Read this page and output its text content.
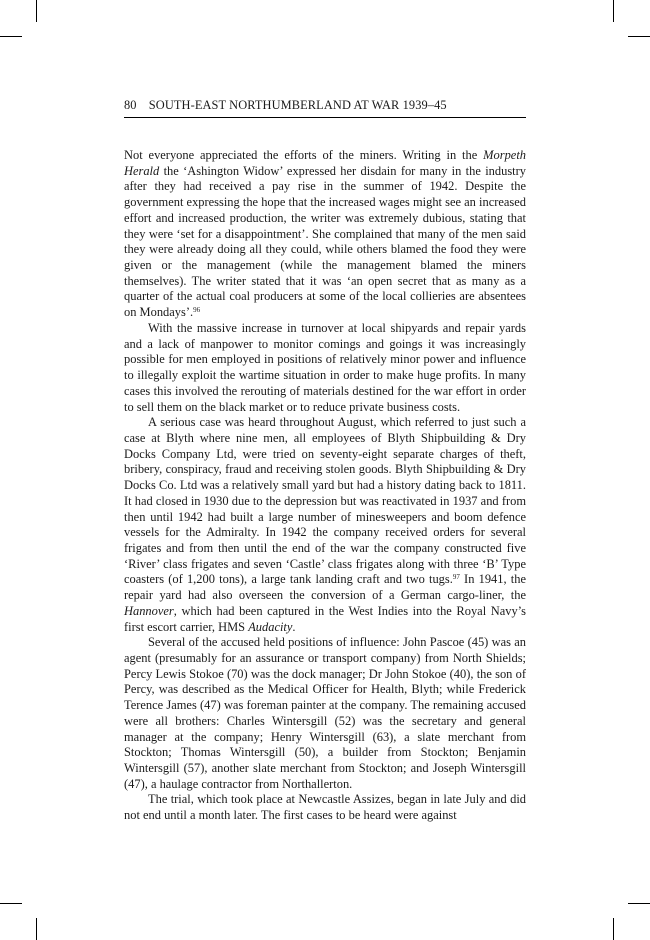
80 SOUTH-EAST NORTHUMBERLAND AT WAR 1939–45

Not everyone appreciated the efforts of the miners. Writing in the Morpeth Herald the ‘Ashington Widow’ expressed her disdain for many in the industry after they had received a pay rise in the summer of 1942. Despite the government expressing the hope that the increased wages might see an increased effort and increased production, the writer was extremely dubious, stating that they were ‘set for a disappointment’. She complained that many of the men said they were already doing all they could, while others blamed the food they were given or the management (while the management blamed the miners themselves). The writer stated that it was ‘an open secret that as many as a quarter of the actual coal producers at some of the local collieries are absentees on Mondays’.$^{96}$

With the massive increase in turnover at local shipyards and repair yards and a lack of manpower to monitor comings and goings it was increasingly possible for men employed in positions of relatively minor power and influence to illegally exploit the wartime situation in order to make huge profits. In many cases this involved the rerouting of materials destined for the war effort in order to sell them on the black market or to reduce private business costs.

A serious case was heard throughout August, which referred to just such a case at Blyth where nine men, all employees of Blyth Shipbuilding & Dry Docks Company Ltd, were tried on seventy-eight separate charges of theft, bribery, conspiracy, fraud and receiving stolen goods. Blyth Shipbuilding & Dry Docks Co. Ltd was a relatively small yard but had a history dating back to 1811. It had closed in 1930 due to the depression but was reactivated in 1937 and from then until 1942 had built a large number of minesweepers and boom defence vessels for the Admiralty. In 1942 the company received orders for several frigates and from then until the end of the war the company constructed five ‘River’ class frigates and seven ‘Castle’ class frigates along with three ‘B’ Type coasters (of 1,200 tons), a large tank landing craft and two tugs.$^{97}$ In 1941, the repair yard had also overseen the conversion of a German cargo-liner, the Hannover, which had been captured in the West Indies into the Royal Navy’s first escort carrier, HMS Audacity.

Several of the accused held positions of influence: John Pascoe (45) was an agent (presumably for an assurance or transport company) from North Shields; Percy Lewis Stokoe (70) was the dock manager; Dr John Stokoe (40), the son of Percy, was described as the Medical Officer for Health, Blyth; while Frederick Terence James (47) was foreman painter at the company. The remaining accused were all brothers: Charles Wintersgill (52) was the secretary and general manager at the company; Henry Wintersgill (63), a slate merchant from Stockton; Thomas Wintersgill (50), a builder from Stockton; Benjamin Wintersgill (57), another slate merchant from Stockton; and Joseph Wintersgill (47), a haulage contractor from Northallerton.

The trial, which took place at Newcastle Assizes, began in late July and did not end until a month later. The first cases to be heard were against
